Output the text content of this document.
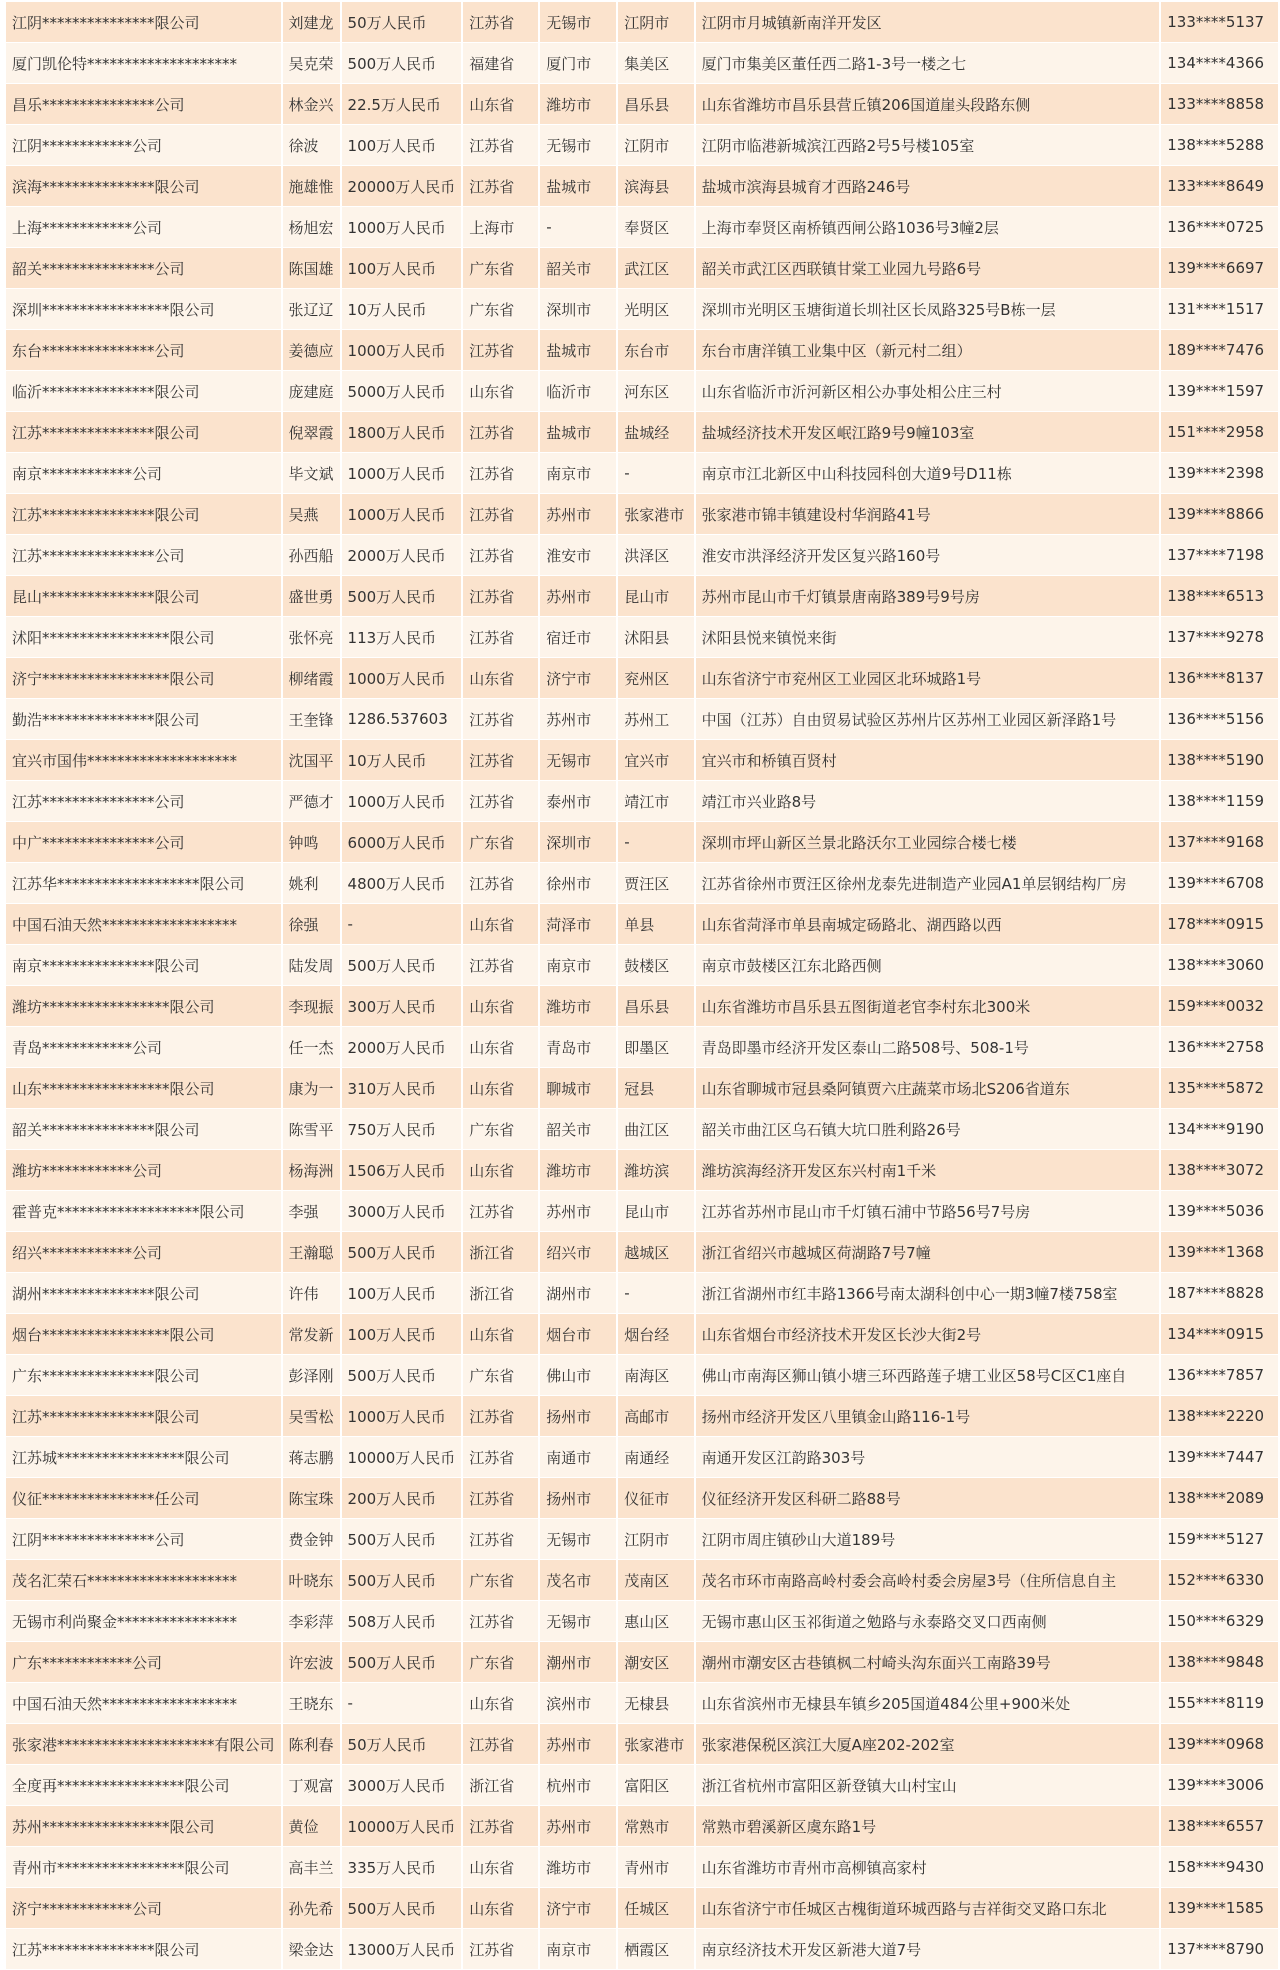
江阴***************限公司	刘建龙	50万人民币	江苏省	无锡市	江阴市	江阴市月城镇新南洋开发区	133****5137
厦门凯伦特********************	吴克荣	500万人民币	福建省	厦门市	集美区	厦门市集美区董任西二路1-3号一楼之七	134****4366
昌乐***************公司	林金兴	22.5万人民币	山东省	潍坊市	昌乐县	山东省潍坊市昌乐县营丘镇206国道崖头段路东侧	133****8858
江阴************公司	徐波	100万人民币	江苏省	无锡市	江阴市	江阴市临港新城滨江西路2号5号楼105室	138****5288
滨海***************限公司	施雄惟	20000万人民币	江苏省	盐城市	滨海县	盐城市滨海县城育才西路246号	133****8649
上海************公司	杨旭宏	1000万人民币	上海市	-	奉贤区	上海市奉贤区南桥镇西闸公路1036号3幢2层	136****0725
韶关***************公司	陈国雄	100万人民币	广东省	韶关市	武江区	韶关市武江区西联镇甘棠工业园九号路6号	139****6697
深圳*****************限公司	张辽辽	10万人民币	广东省	深圳市	光明区	深圳市光明区玉塘街道长圳社区长凤路325号B栋一层	131****1517
东台***************公司	姜德应	1000万人民币	江苏省	盐城市	东台市	东台市唐洋镇工业集中区（新元村二组）	189****7476
临沂***************限公司	庞建庭	5000万人民币	山东省	临沂市	河东区	山东省临沂市沂河新区相公办事处相公庄三村	139****1597
江苏***************限公司	倪翠霞	1800万人民币	江苏省	盐城市	盐城经	盐城经济技术开发区岷江路9号9幢103室	151****2958
南京************公司	毕文斌	1000万人民币	江苏省	南京市	-	南京市江北新区中山科技园科创大道9号D11栋	139****2398
江苏***************限公司	吴燕	1000万人民币	江苏省	苏州市	张家港市	张家港市锦丰镇建设村华润路41号	139****8866
江苏***************公司	孙西船	2000万人民币	江苏省	淮安市	洪泽区	淮安市洪泽经济开发区复兴路160号	137****7198
昆山***************限公司	盛世勇	500万人民币	江苏省	苏州市	昆山市	苏州市昆山市千灯镇景唐南路389号9号房	138****6513
沭阳*****************限公司	张怀亮	113万人民币	江苏省	宿迁市	沭阳县	沭阳县悦来镇悦来街	137****9278
济宁*****************限公司	柳绪霞	1000万人民币	山东省	济宁市	兖州区	山东省济宁市兖州区工业园区北环城路1号	136****8137
勤浩***************限公司	王奎锋	1286.537603	江苏省	苏州市	苏州工	中国（江苏）自由贸易试验区苏州片区苏州工业园区新泽路1号	136****5156
宜兴市国伟********************	沈国平	10万人民币	江苏省	无锡市	宜兴市	宜兴市和桥镇百贤村	138****5190
江苏***************公司	严德才	1000万人民币	江苏省	泰州市	靖江市	靖江市兴业路8号	138****1159
中广***************公司	钟鸣	6000万人民币	广东省	深圳市	-	深圳市坪山新区兰景北路沃尔工业园综合楼七楼	137****9168
江苏华*******************限公司	姚利	4800万人民币	江苏省	徐州市	贾汪区	江苏省徐州市贾汪区徐州龙泰先进制造产业园A1单层钢结构厂房	139****6708
中国石油天然******************	徐强	-	山东省	菏泽市	单县	山东省菏泽市单县南城定砀路北、湖西路以西	178****0915
南京***************限公司	陆发周	500万人民币	江苏省	南京市	鼓楼区	南京市鼓楼区江东北路西侧	138****3060
潍坊*****************限公司	李现振	300万人民币	山东省	潍坊市	昌乐县	山东省潍坊市昌乐县五图街道老官李村东北300米	159****0032
青岛************公司	任一杰	2000万人民币	山东省	青岛市	即墨区	青岛即墨市经济开发区泰山二路508号、508-1号	136****2758
山东*****************限公司	康为一	310万人民币	山东省	聊城市	冠县	山东省聊城市冠县桑阿镇贾六庄蔬菜市场北S206省道东	135****5872
韶关***************限公司	陈雪平	750万人民币	广东省	韶关市	曲江区	韶关市曲江区乌石镇大坑口胜利路26号	134****9190
潍坊************公司	杨海洲	1506万人民币	山东省	潍坊市	潍坊滨	潍坊滨海经济开发区东兴村南1千米	138****3072
霍普克*******************限公司	李强	3000万人民币	江苏省	苏州市	昆山市	江苏省苏州市昆山市千灯镇石浦中节路56号7号房	139****5036
绍兴************公司	王瀚聪	500万人民币	浙江省	绍兴市	越城区	浙江省绍兴市越城区荷湖路7号7幢	139****1368
湖州***************限公司	许伟	100万人民币	浙江省	湖州市	-	浙江省湖州市红丰路1366号南太湖科创中心一期3幢7楼758室	187****8828
烟台*****************限公司	常发新	100万人民币	山东省	烟台市	烟台经	山东省烟台市经济技术开发区长沙大街2号	134****0915
广东***************限公司	彭泽刚	500万人民币	广东省	佛山市	南海区	佛山市南海区狮山镇小塘三环西路莲子塘工业区58号C区C1座自	136****7857
江苏***************限公司	吴雪松	1000万人民币	江苏省	扬州市	高邮市	扬州市经济开发区八里镇金山路116-1号	138****2220
江苏城*****************限公司	蒋志鹏	10000万人民币	江苏省	南通市	南通经	南通开发区江韵路303号	139****7447
仪征***************任公司	陈宝珠	200万人民币	江苏省	扬州市	仪征市	仪征经济开发区科研二路88号	138****2089
江阴***************公司	费金钟	500万人民币	江苏省	无锡市	江阴市	江阴市周庄镇砂山大道189号	159****5127
茂名汇荣石********************	叶晓东	500万人民币	广东省	茂名市	茂南区	茂名市环市南路高岭村委会高岭村委会房屋3号（住所信息自主	152****6330
无锡市利尚聚金****************	李彩萍	508万人民币	江苏省	无锡市	惠山区	无锡市惠山区玉祁街道之勉路与永泰路交叉口西南侧	150****6329
广东************公司	许宏波	500万人民币	广东省	潮州市	潮安区	潮州市潮安区古巷镇枫二村崎头沟东面兴工南路39号	138****9848
中国石油天然******************	王晓东	-	山东省	滨州市	无棣县	山东省滨州市无棣县车镇乡205国道484公里+900米处	155****8119
张家港*********************有限公司	陈利春	50万人民币	江苏省	苏州市	张家港市	张家港保税区滨江大厦A座202-202室	139****0968
全度再*****************限公司	丁观富	3000万人民币	浙江省	杭州市	富阳区	浙江省杭州市富阳区新登镇大山村宝山	139****3006
苏州*****************限公司	黄俭	10000万人民币	江苏省	苏州市	常熟市	常熟市碧溪新区虞东路1号	138****6557
青州市*****************限公司	高丰兰	335万人民币	山东省	潍坊市	青州市	山东省潍坊市青州市高柳镇高家村	158****9430
济宁************公司	孙先希	500万人民币	山东省	济宁市	任城区	山东省济宁市任城区古槐街道环城西路与吉祥街交叉路口东北	139****1585
江苏***************限公司	梁金达	13000万人民币	江苏省	南京市	栖霞区	南京经济技术开发区新港大道7号	137****8790
